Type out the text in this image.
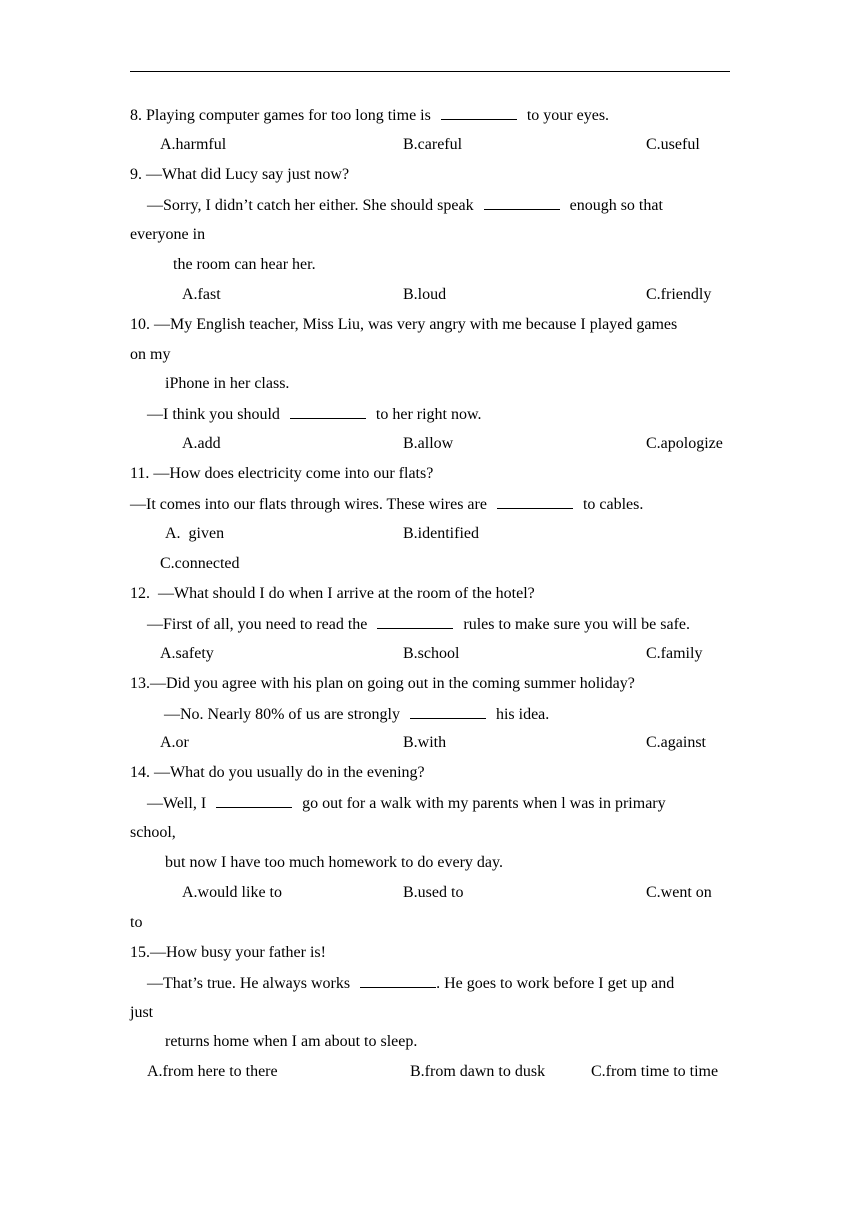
8. Playing computer games for too long time is	to your eyes.
A.harmful	B.careful	C.useful
9. —What did Lucy say just now?
—Sorry, I didn’t catch her either. She should speak	enough so that
everyone in
the room can hear her.
A.fast	B.loud	C.friendly
10. —My English teacher, Miss Liu, was very angry with me because I played games
on my
iPhone in her class.
—I think you should	to her right now.
A.add	B.allow	C.apologize
11. —How does electricity come into our flats?
—It comes into our flats through wires. These wires are	to cables.
A.  given	B.identified
C.connected
12.  —What should I do when I arrive at the room of the hotel?
—First of all, you need to read the	rules to make sure you will be safe.
A.safety	B.school	C.family
13.—Did you agree with his plan on going out in the coming summer holiday?
—No. Nearly 80% of us are strongly	his idea.
A.or	B.with	C.against
14. —What do you usually do in the evening?
—Well, I	go out for a walk with my parents when l was in primary
school,
but now I have too much homework to do every day.
A.would like to	B.used to	C.went on
to
15.—How busy your father is!
—That’s true. He always works	. He goes to work before I get up and
just
returns home when I am about to sleep.
A.from here to there	B.from dawn to dusk	C.from time to time
